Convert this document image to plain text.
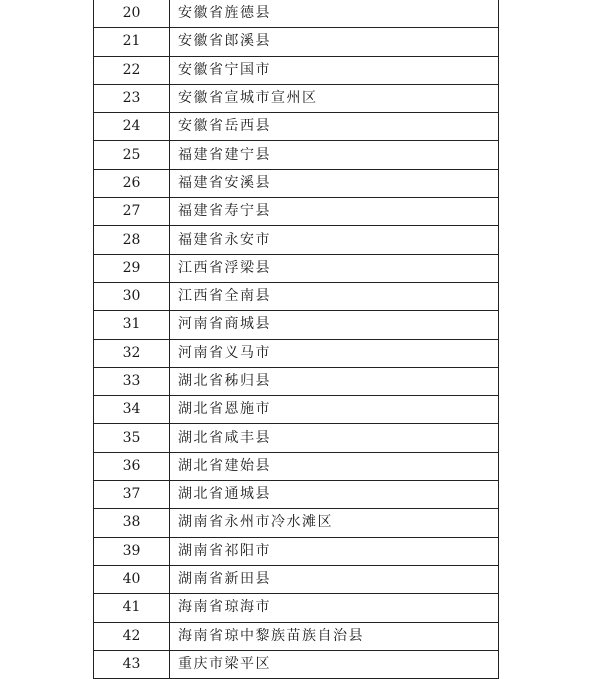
20	安徽省旌德县
21	安徽省郎溪县
22	安徽省宁国市
23	安徽省宣城市宣州区
24	安徽省岳西县
25	福建省建宁县
26	福建省安溪县
27	福建省寿宁县
28	福建省永安市
29	江西省浮梁县
30	江西省全南县
31	河南省商城县
32	河南省义马市
33	湖北省秭归县
34	湖北省恩施市
35	湖北省咸丰县
36	湖北省建始县
37	湖北省通城县
38	湖南省永州市冷水滩区
39	湖南省祁阳市
40	湖南省新田县
41	海南省琼海市
42	海南省琼中黎族苗族自治县
43	重庆市梁平区
